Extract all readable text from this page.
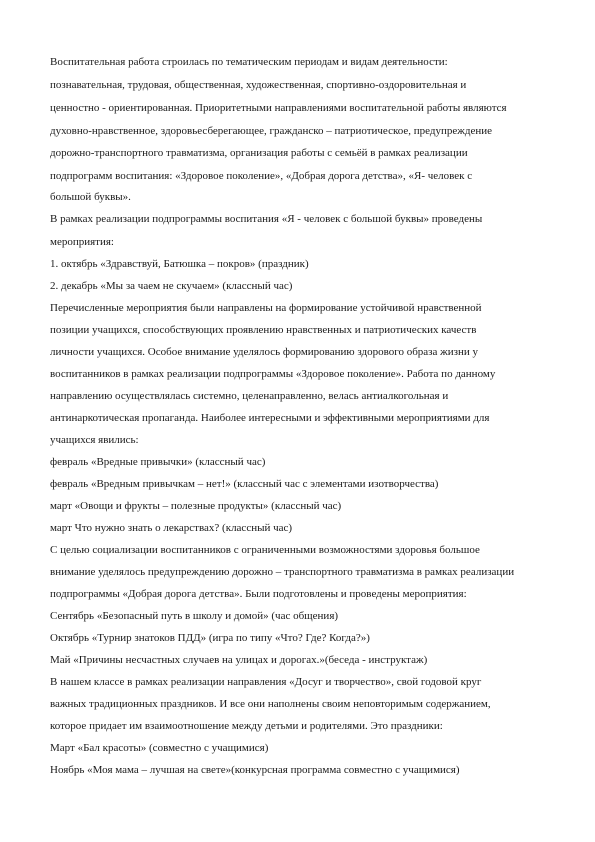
Воспитательная работа строилась по тематическим периодам и видам деятельности:
познавательная, трудовая, общественная, художественная, спортивно-оздоровительная и
ценностно - ориентированная. Приоритетными направлениями воспитательной работы являются
духовно-нравственное, здоровьесберегающее, гражданско – патриотическое, предупреждение
дорожно-транспортного травматизма, организация работы с семьёй в рамках реализации
подпрограмм воспитания: «Здоровое поколение», «Добрая дорога детства», «Я- человек с
большой буквы».
В рамках реализации подпрограммы воспитания «Я - человек с большой буквы» проведены
мероприятия:
1. октябрь «Здравствуй, Батюшка – покров» (праздник)
2. декабрь «Мы за чаем не скучаем» (классный час)
Перечисленные мероприятия были направлены на формирование устойчивой нравственной
позиции учащихся, способствующих проявлению нравственных и патриотических качеств
личности учащихся. Особое внимание уделялось формированию здорового образа жизни у
воспитанников в рамках реализации подпрограммы «Здоровое поколение». Работа по данному
направлению осуществлялась системно, целенаправленно, велась антиалкогольная и
антинаркотическая пропаганда. Наиболее интересными и эффективными мероприятиями для
учащихся явились:
февраль «Вредные привычки» (классный час)
февраль «Вредным привычкам – нет!» (классный час с элементами изотворчества)
март «Овощи и фрукты – полезные продукты» (классный час)
март Что нужно знать о лекарствах? (классный час)
С целью социализации воспитанников с ограниченными возможностями здоровья большое
внимание уделялось предупреждению дорожно – транспортного травматизма в рамках реализации
подпрограммы «Добрая дорога детства». Были подготовлены и проведены мероприятия:
Сентябрь «Безопасный путь в школу и домой» (час общения)
Октябрь «Турнир знатоков ПДД» (игра по типу «Что? Где? Когда?»)
Май «Причины несчастных случаев на улицах и дорогах.»(беседа - инструктаж)
В нашем классе в рамках реализации направления «Досуг и творчество», свой годовой круг
важных традиционных праздников. И все они наполнены своим неповторимым содержанием,
которое придает им взаимоотношение между детьми и родителями. Это праздники:
Март «Бал красоты» (совместно с учащимися)
Ноябрь «Моя мама – лучшая на свете»(конкурсная программа совместно с учащимися)
